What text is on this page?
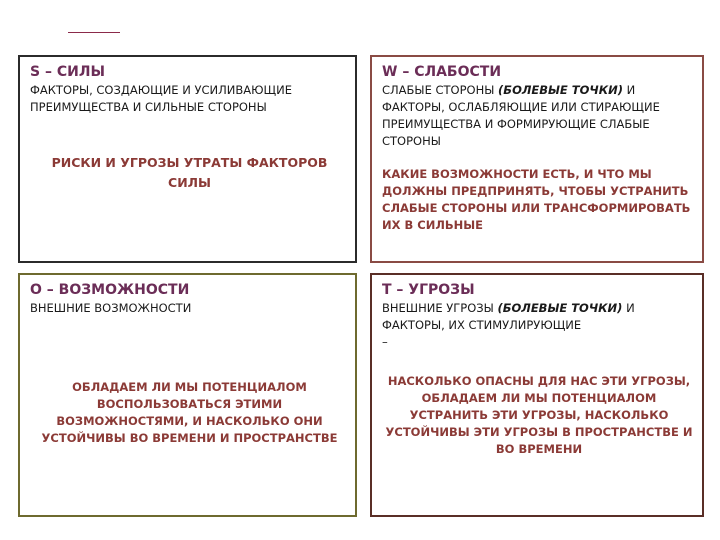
S – СИЛЫ
ФАКТОРЫ, СОЗДАЮЩИЕ И УСИЛИВАЮЩИЕ ПРЕИМУЩЕСТВА И СИЛЬНЫЕ СТОРОНЫ
РИСКИ И УГРОЗЫ УТРАТЫ ФАКТОРОВ СИЛЫ
W – СЛАБОСТИ
СЛАБЫЕ СТОРОНЫ (БОЛЕВЫЕ ТОЧКИ) И ФАКТОРЫ, ОСЛАБЛЯЮЩИЕ ИЛИ СТИРАЮЩИЕ ПРЕИМУЩЕСТВА И ФОРМИРУЮЩИЕ СЛАБЫЕ СТОРОНЫ
КАКИЕ ВОЗМОЖНОСТИ ЕСТЬ, И ЧТО МЫ ДОЛЖНЫ ПРЕДПРИНЯТЬ, ЧТОБЫ УСТРАНИТЬ СЛАБЫЕ СТОРОНЫ ИЛИ ТРАНСФОРМИРОВАТЬ ИХ В СИЛЬНЫЕ
O – ВОЗМОЖНОСТИ
ВНЕШНИЕ ВОЗМОЖНОСТИ
ОБЛАДАЕМ ЛИ МЫ ПОТЕНЦИАЛОМ ВОСПОЛЬЗОВАТЬСЯ ЭТИМИ ВОЗМОЖНОСТЯМИ, И НАСКОЛЬКО ОНИ УСТОЙЧИВЫ ВО ВРЕМЕНИ И ПРОСТРАНСТВЕ
T – УГРОЗЫ
ВНЕШНИЕ УГРОЗЫ (БОЛЕВЫЕ ТОЧКИ) И ФАКТОРЫ, ИХ СТИМУЛИРУЮЩИЕ
–
НАСКОЛЬКО ОПАСНЫ ДЛЯ НАС ЭТИ УГРОЗЫ, ОБЛАДАЕМ ЛИ МЫ ПОТЕНЦИАЛОМ УСТРАНИТЬ ЭТИ УГРОЗЫ, НАСКОЛЬКО УСТОЙЧИВЫ ЭТИ УГРОЗЫ В ПРОСТРАНСТВЕ И ВО ВРЕМЕНИ
